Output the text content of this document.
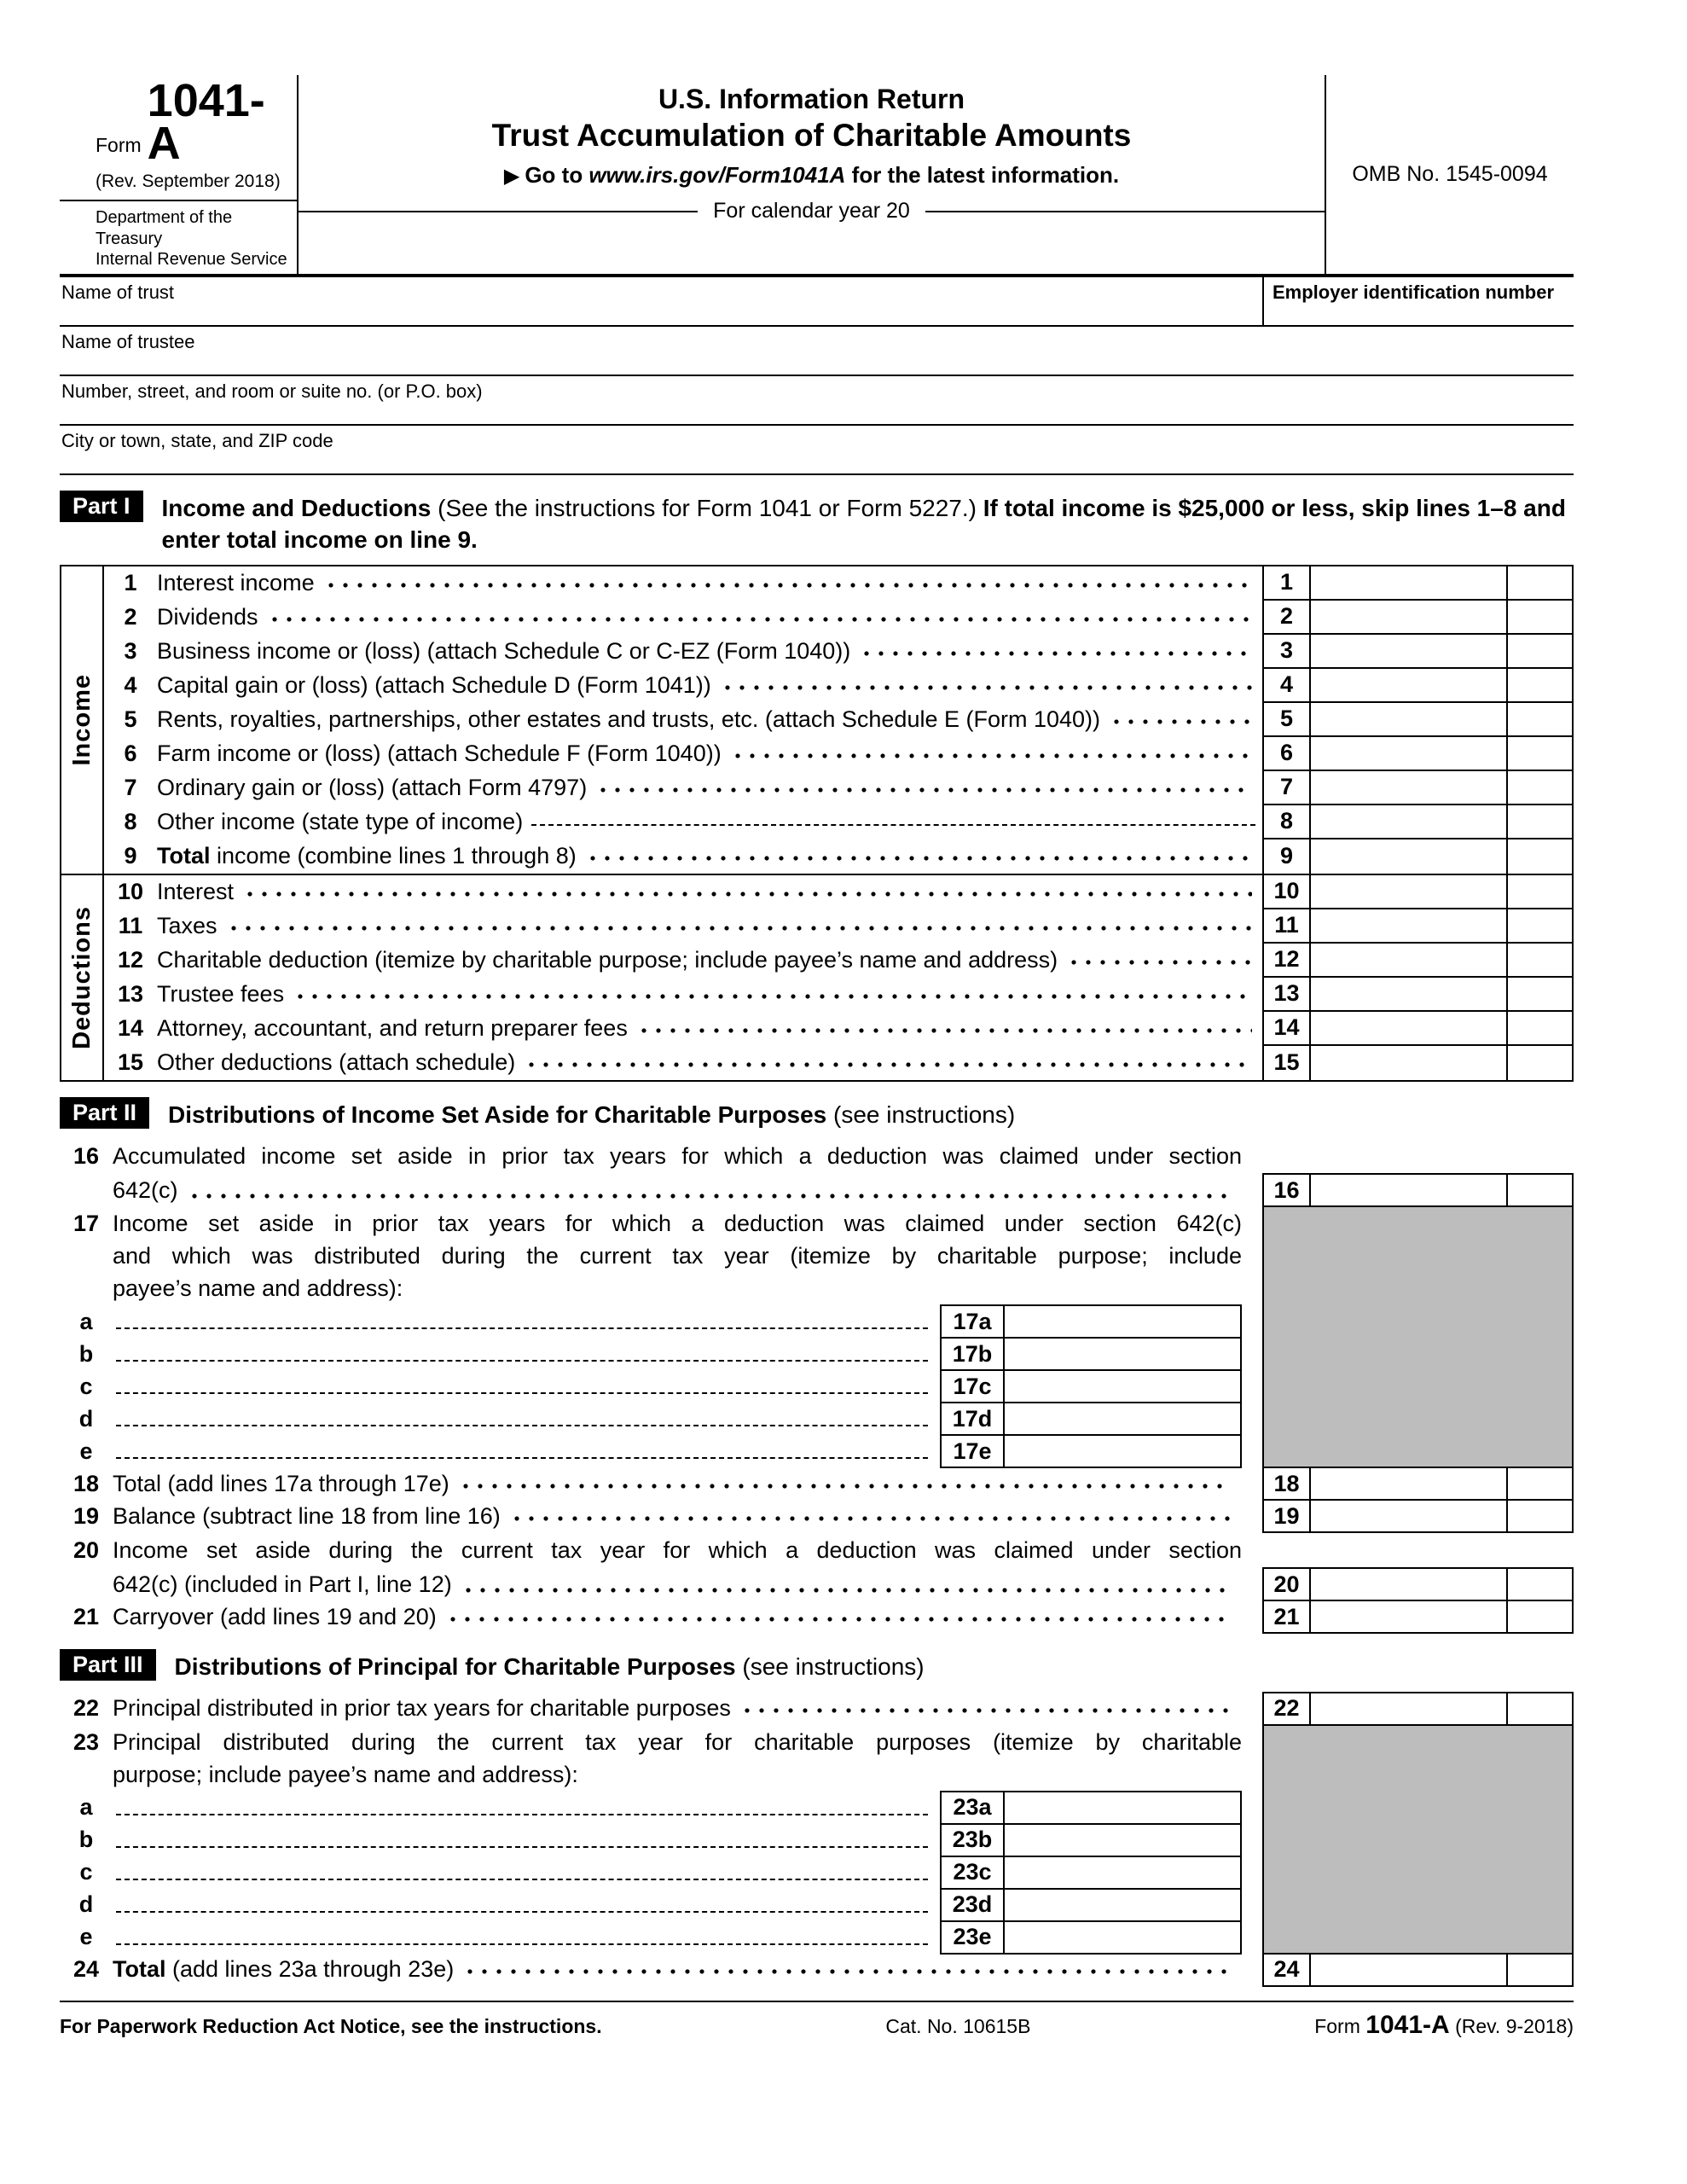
Form
1041-A
(Rev. September 2018)
Department of the Treasury
Internal Revenue Service
U.S. Information Return
Trust Accumulation of Charitable Amounts
▶ Go to www.irs.gov/Form1041A for the latest information.
For calendar year 20
OMB No. 1545-0094
Name of trust	Employer identification number
Name of trustee
Number, street, and room or suite no. (or P.O. box)
City or town, state, and ZIP code
Part I	Income and Deductions (See the instructions for Form 1041 or Form 5227.) If total income is $25,000 or less, skip lines 1–8 and enter total income on line 9.
Income
1 Interest income	1
2 Dividends	2
3 Business income or (loss) (attach Schedule C or C-EZ (Form 1040))	3
4 Capital gain or (loss) (attach Schedule D (Form 1041))	4
5 Rents, royalties, partnerships, other estates and trusts, etc. (attach Schedule E (Form 1040))	5
6 Farm income or (loss) (attach Schedule F (Form 1040))	6
7 Ordinary gain or (loss) (attach Form 4797)	7
8 Other income (state type of income)	8
9 Total income (combine lines 1 through 8)	9
Deductions
10 Interest	10
11 Taxes	11
12 Charitable deduction (itemize by charitable purpose; include payee’s name and address)	12
13 Trustee fees	13
14 Attorney, accountant, and return preparer fees	14
15 Other deductions (attach schedule)	15
Part II	Distributions of Income Set Aside for Charitable Purposes (see instructions)
16 Accumulated income set aside in prior tax years for which a deduction was claimed under section
642(c)	16
17 Income set aside in prior tax years for which a deduction was claimed under section 642(c)
and which was distributed during the current tax year (itemize by charitable purpose; include
payee’s name and address):
a	17a
b	17b
c	17c
d	17d
e	17e
18 Total (add lines 17a through 17e)	18
19 Balance (subtract line 18 from line 16)	19
20 Income set aside during the current tax year for which a deduction was claimed under section
642(c) (included in Part I, line 12)	20
21 Carryover (add lines 19 and 20)	21
Part III	Distributions of Principal for Charitable Purposes (see instructions)
22 Principal distributed in prior tax years for charitable purposes	22
23 Principal distributed during the current tax year for charitable purposes (itemize by charitable
purpose; include payee’s name and address):
a	23a
b	23b
c	23c
d	23d
e	23e
24 Total (add lines 23a through 23e)	24
For Paperwork Reduction Act Notice, see the instructions.	Cat. No. 10615B	Form 1041-A (Rev. 9-2018)
